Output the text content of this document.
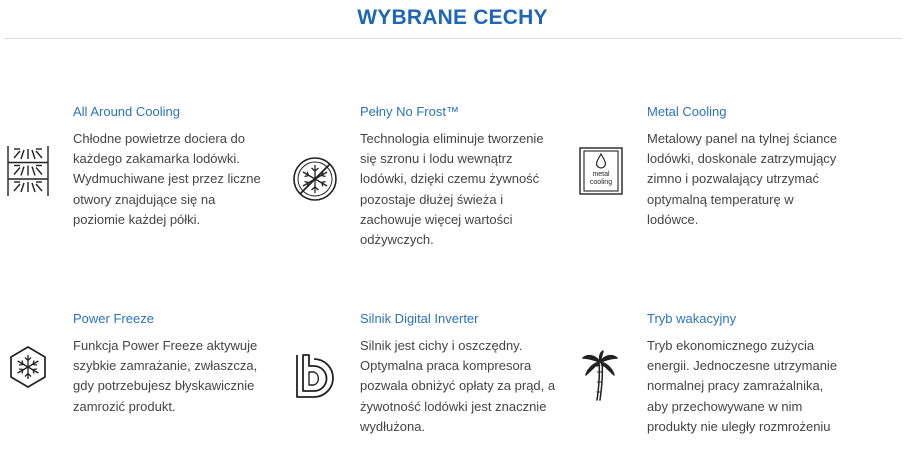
WYBRANE CECHY
All Around Cooling
Chłodne powietrze dociera do
każdego zakamarka lodówki.
Wydmuchiwane jest przez liczne
otwory znajdujące się na
poziomie każdej półki.
Pełny No Frost™
Technologia eliminuje tworzenie
się szronu i lodu wewnątrz
lodówki, dzięki czemu żywność
pozostaje dłużej świeża i
zachowuje więcej wartości
odżywczych.
metal
cooling
Metal Cooling
Metalowy panel na tylnej ściance
lodówki, doskonale zatrzymujący
zimno i pozwalający utrzymać
optymalną temperaturę w
lodówce.
Power Freeze
Funkcja Power Freeze aktywuje
szybkie zamrażanie, zwłaszcza,
gdy potrzebujesz błyskawicznie
zamrozić produkt.
Silnik Digital Inverter
Silnik jest cichy i oszczędny.
Optymalna praca kompresora
pozwala obniżyć opłaty za prąd, a
żywotność lodówki jest znacznie
wydłużona.
Tryb wakacyjny
Tryb ekonomicznego zużycia
energii. Jednoczesne utrzymanie
normalnej pracy zamrażalnika,
aby przechowywane w nim
produkty nie uległy rozmrożeniu
